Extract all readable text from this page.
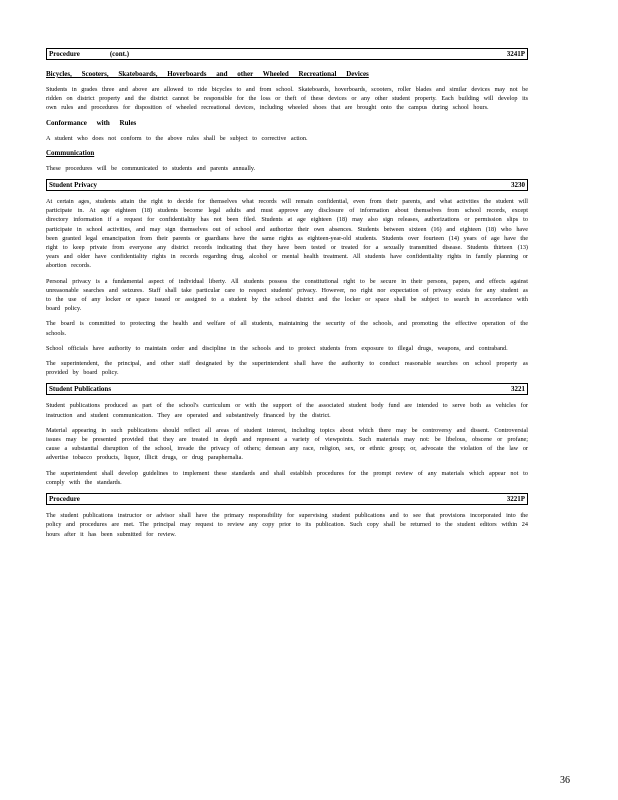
Procedure	(cont.)	3241P
Bicycles, Scooters, Skateboards, Hoverboards and other Wheeled Recreational Devices

Students in grades three and above are allowed to ride bicycles to and from school. Skateboards, hoverboards, scooters, roller blades and similar devices may not be ridden on district property and the district cannot be responsible for the loss or theft of these devices or any other student property. Each building will develop its own rules and procedures for disposition of wheeled recreational devices, including wheeled shoes that are brought onto the campus during school hours.

Conformance with Rules

A student who does not conform to the above rules shall be subject to corrective action.

Communication

These procedures will be communicated to students and parents annually.

Student Privacy	3230

At certain ages, students attain the right to decide for themselves what records will remain confidential, even from their parents, and what activities the student will participate in. At age eighteen (18) students become legal adults and must approve any disclosure of information about themselves from school records, except directory information if a request for confidentiality has not been filed. Students at age eighteen (18) may also sign releases, authorizations or permission slips to participate in school activities, and may sign themselves out of school and authorize their own absences. Students between sixteen (16) and eighteen (18) who have been granted legal emancipation from their parents or guardians have the same rights as eighteen-year-old students. Students over fourteen (14) years of age have the right to keep private from everyone any district records indicating that they have been tested or treated for a sexually transmitted disease. Students thirteen (13) years and older have confidentiality rights in records regarding drug, alcohol or mental health treatment. All students have confidentiality rights in family planning or abortion records.

Personal privacy is a fundamental aspect of individual liberty. All students possess the constitutional right to be secure in their persons, papers, and effects against unreasonable searches and seizures. Staff shall take particular care to respect students' privacy. However, no right nor expectation of privacy exists for any student as to the use of any locker or space issued or assigned to a student by the school district and the locker or space shall be subject to search in accordance with board policy.

The board is committed to protecting the health and welfare of all students, maintaining the security of the schools, and promoting the effective operation of the schools.

School officials have authority to maintain order and discipline in the schools and to protect students from exposure to illegal drugs, weapons, and contraband.

The superintendent, the principal, and other staff designated by the superintendent shall have the authority to conduct reasonable searches on school property as provided by board policy.

Student Publications	3221

Student publications produced as part of the school's curriculum or with the support of the associated student body fund are intended to serve both as vehicles for instruction and student communication. They are operated and substantively financed by the district.

Material appearing in such publications should reflect all areas of student interest, including topics about which there may be controversy and dissent. Controversial issues may be presented provided that they are treated in depth and represent a variety of viewpoints. Such materials may not: be libelous, obscene or profane; cause a substantial disruption of the school, invade the privacy of others; demean any race, religion, sex, or ethnic group; or, advocate the violation of the law or advertise tobacco products, liquor, illicit drugs, or drug paraphernalia.

The superintendent shall develop guidelines to implement these standards and shall establish procedures for the prompt review of any materials which appear not to comply with the standards.

Procedure	3221P

The student publications instructor or advisor shall have the primary responsibility for supervising student publications and to see that provisions incorporated into the policy and procedures are met. The principal may request to review any copy prior to its publication. Such copy shall be returned to the student editors within 24 hours after it has been submitted for review.

36
